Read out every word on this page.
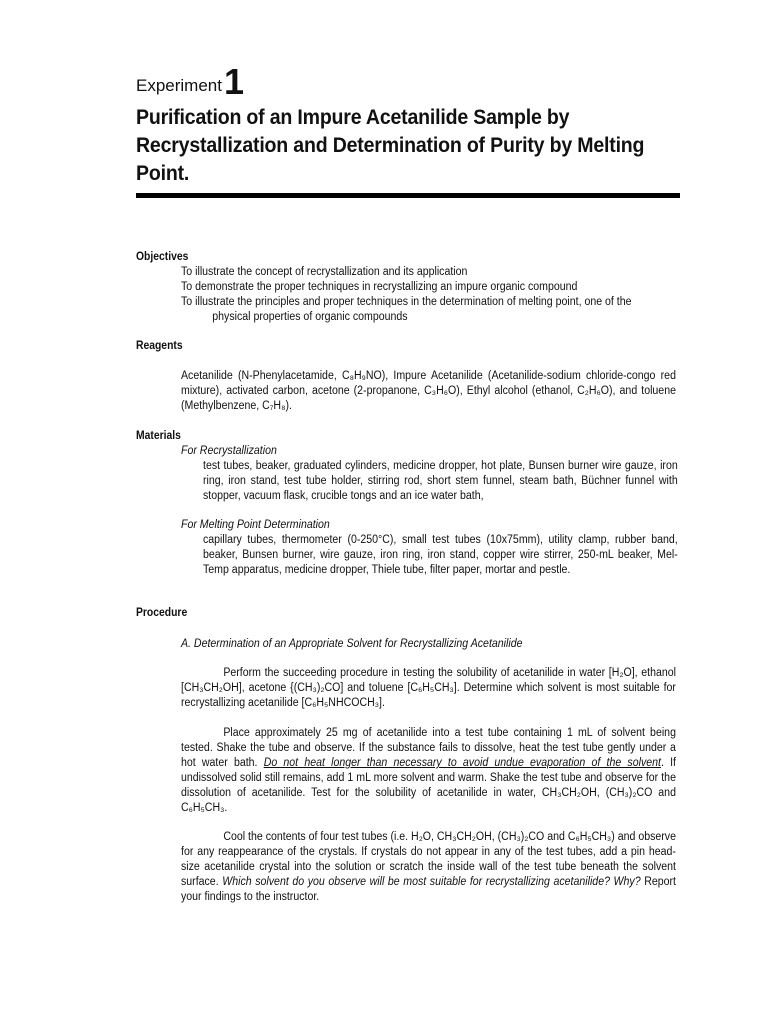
Experiment1
Purification of an Impure Acetanilide Sample by Recrystallization and Determination of Purity by Melting Point.
Objectives
To illustrate the concept of recrystallization and its application
To demonstrate the proper techniques in recrystallizing an impure organic compound
To illustrate the principles and proper techniques in the determination of melting point, one of the
physical properties of organic compounds
Reagents
Acetanilide (N-Phenylacetamide, C₈H₉NO), Impure Acetanilide (Acetanilide-sodium chloride-congo red mixture), activated carbon, acetone (2-propanone, C₃H₆O), Ethyl alcohol (ethanol, C₂H₆O), and toluene (Methylbenzene, C₇H₈).
Materials
For Recrystallization
test tubes, beaker, graduated cylinders, medicine dropper, hot plate, Bunsen burner wire gauze, iron ring, iron stand, test tube holder, stirring rod, short stem funnel, steam bath, Büchner funnel with stopper, vacuum flask, crucible tongs and an ice water bath,
For Melting Point Determination
capillary tubes, thermometer (0-250°C), small test tubes (10x75mm), utility clamp, rubber band, beaker, Bunsen burner, wire gauze, iron ring, iron stand, copper wire stirrer, 250-mL beaker, Mel-Temp apparatus, medicine dropper, Thiele tube, filter paper, mortar and pestle.
Procedure
A. Determination of an Appropriate Solvent for Recrystallizing Acetanilide
Perform the succeeding procedure in testing the solubility of acetanilide in water [H₂O], ethanol [CH₃CH₂OH], acetone {(CH₃)₂CO] and toluene [C₆H₅CH₃]. Determine which solvent is most suitable for recrystallizing acetanilide [C₆H₅NHCOCH₃].
Place approximately 25 mg of acetanilide into a test tube containing 1 mL of solvent being tested. Shake the tube and observe. If the substance fails to dissolve, heat the test tube gently under a hot water bath. Do not heat longer than necessary to avoid undue evaporation of the solvent. If undissolved solid still remains, add 1 mL more solvent and warm. Shake the test tube and observe for the dissolution of acetanilide. Test for the solubility of acetanilide in water, CH₃CH₂OH, (CH₃)₂CO and C₆H₅CH₃.
Cool the contents of four test tubes (i.e. H₂O, CH₃CH₂OH, (CH₃)₂CO and C₆H₅CH₃) and observe for any reappearance of the crystals. If crystals do not appear in any of the test tubes, add a pin head-size acetanilide crystal into the solution or scratch the inside wall of the test tube beneath the solvent surface. Which solvent do you observe will be most suitable for recrystallizing acetanilide? Why? Report your findings to the instructor.
